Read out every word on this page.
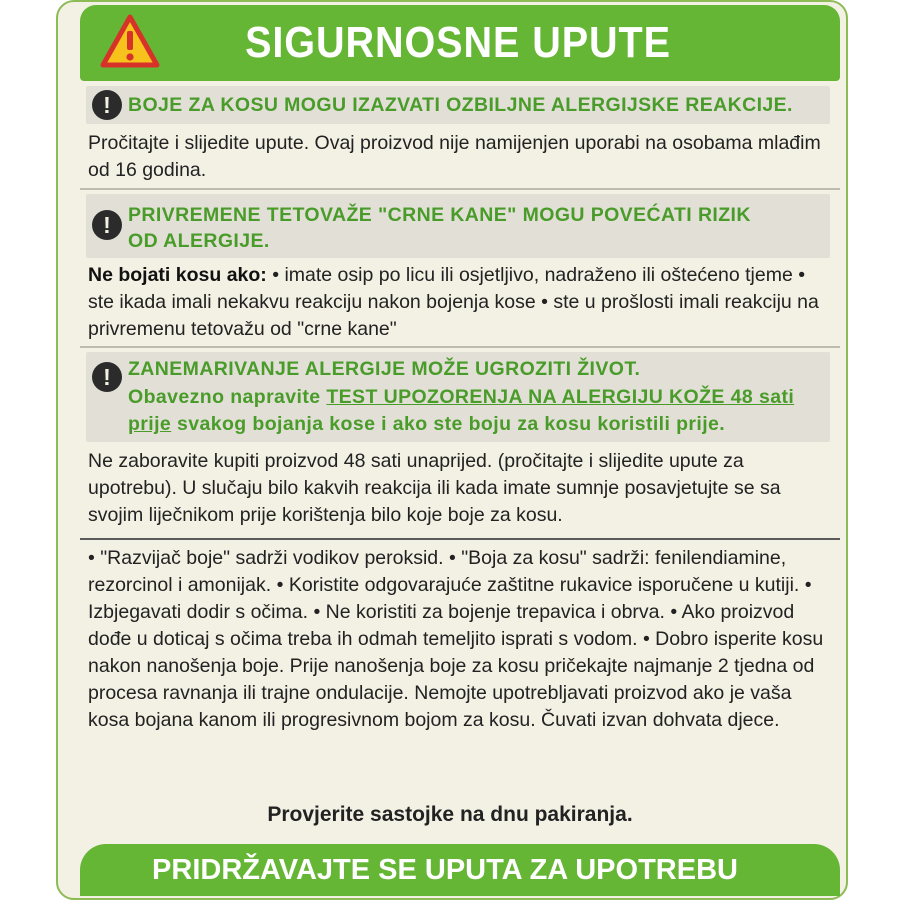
SIGURNOSNE UPUTE
! BOJE ZA KOSU MOGU IZAZVATI OZBILJNE ALERGIJSKE REAKCIJE.
Pročitajte i slijedite upute. Ovaj proizvod nije namijenjen uporabi na osobama mlađim od 16 godina.
! PRIVREMENE TETOVAŽE "CRNE KANE" MOGU POVEĆATI RIZIK
OD ALERGIJE.
Ne bojati kosu ako: • imate osip po licu ili osjetljivo, nadraženo ili oštećeno tjeme • ste ikada imali nekakvu reakciju nakon bojenja kose • ste u prošlosti imali reakciju na privremenu tetovažu od "crne kane"
! ZANEMARIVANJE ALERGIJE MOŽE UGROZITI ŽIVOT.
Obavezno napravite TEST UPOZORENJA NA ALERGIJU KOŽE 48 sati prije svakog bojanja kose i ako ste boju za kosu koristili prije.
Ne zaboravite kupiti proizvod 48 sati unaprijed. (pročitajte i slijedite upute za upotrebu). U slučaju bilo kakvih reakcija ili kada imate sumnje posavjetujte se sa svojim liječnikom prije korištenja bilo koje boje za kosu.
• "Razvijač boje" sadrži vodikov peroksid. • "Boja za kosu" sadrži: fenilendiamine, rezorcinol i amonijak. • Koristite odgovarajuće zaštitne rukavice isporučene u kutiji. • Izbjegavati dodir s očima. • Ne koristiti za bojenje trepavica i obrva. • Ako proizvod dođe u doticaj s očima treba ih odmah temeljito isprati s vodom. • Dobro isperite kosu nakon nanošenja boje. Prije nanošenja boje za kosu pričekajte najmanje 2 tjedna od procesa ravnanja ili trajne ondulacije. Nemojte upotrebljavati proizvod ako je vaša kosa bojana kanom ili progresivnom bojom za kosu. Čuvati izvan dohvata djece.
Provjerite sastojke na dnu pakiranja.
PRIDRŽAVAJTE SE UPUTA ZA UPOTREBU
